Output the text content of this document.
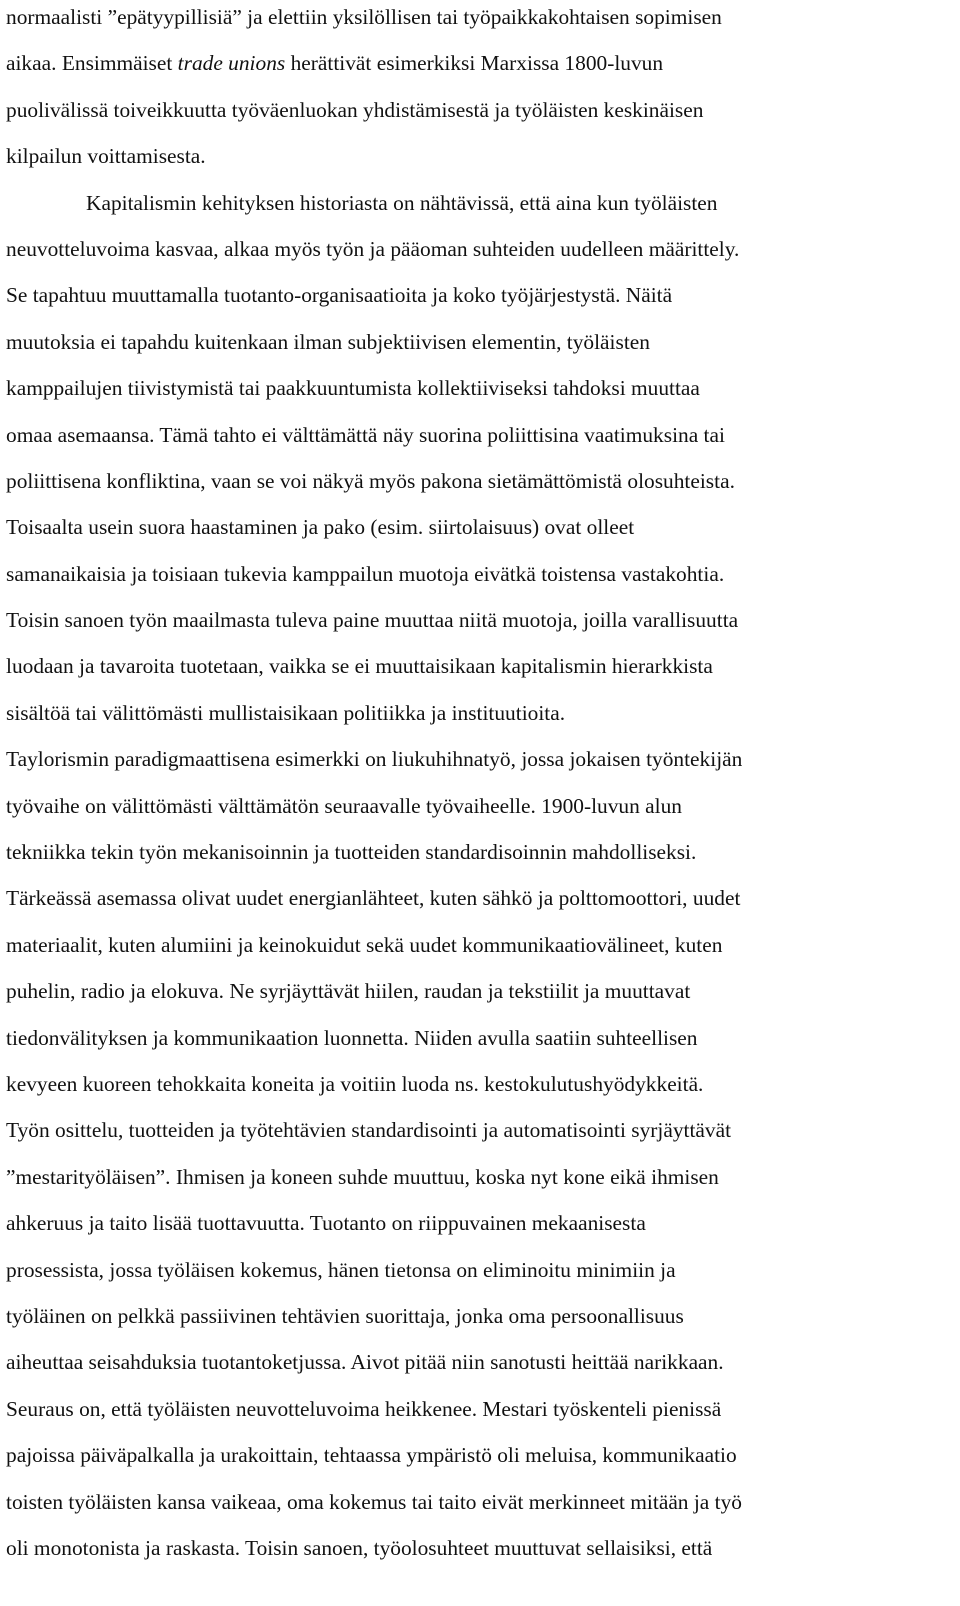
normaalisti ”epätyypillisiä” ja elettiin yksilöllisen tai työpaikkakohtaisen sopimisen
aikaa. Ensimmäiset trade unions herättivät esimerkiksi Marxissa 1800-luvun
puolivälissä toiveikkuutta työväenluokan yhdistämisestä ja työläisten keskinäisen
kilpailun voittamisesta.
Kapitalismin kehityksen historiasta on nähtävissä, että aina kun työläisten
neuvotteluvoima kasvaa, alkaa myös työn ja pääoman suhteiden uudelleen määrittely.
Se tapahtuu muuttamalla tuotanto-organisaatioita ja koko työjärjestystä. Näitä
muutoksia ei tapahdu kuitenkaan ilman subjektiivisen elementin, työläisten
kamppailujen tiivistymistä tai paakkuuntumista kollektiiviseksi tahdoksi muuttaa
omaa asemaansa. Tämä tahto ei välttämättä näy suorina poliittisina vaatimuksina tai
poliittisena konfliktina, vaan se voi näkyä myös pakona sietämättömistä olosuhteista.
Toisaalta usein suora haastaminen ja pako (esim. siirtolaisuus) ovat olleet
samanaikaisia ja toisiaan tukevia kamppailun muotoja eivätkä toistensa vastakohtia.
Toisin sanoen työn maailmasta tuleva paine muuttaa niitä muotoja, joilla varallisuutta
luodaan ja tavaroita tuotetaan, vaikka se ei muuttaisikaan kapitalismin hierarkkista
sisältöä tai välittömästi mullistaisikaan politiikka ja instituutioita.
Taylorismin paradigmaattisena esimerkki on liukuhihnatyö, jossa jokaisen työntekijän
työvaihe on välittömästi välttämätön seuraavalle työvaiheelle. 1900-luvun alun
tekniikka tekin työn mekanisoinnin ja tuotteiden standardisoinnin mahdolliseksi.
Tärkeässä asemassa olivat uudet energianlähteet, kuten sähkö ja polttomoottori, uudet
materiaalit, kuten alumiini ja keinokuidut sekä uudet kommunikaatiovälineet, kuten
puhelin, radio ja elokuva. Ne syrjäyttävät hiilen, raudan ja tekstiilit ja muuttavat
tiedonvälityksen ja kommunikaation luonnetta. Niiden avulla saatiin suhteellisen
kevyeen kuoreen tehokkaita koneita ja voitiin luoda ns. kestokulutushyödykkeitä.
Työn osittelu, tuotteiden ja työtehtävien standardisointi ja automatisointi syrjäyttävät
”mestarityöläisen”. Ihmisen ja koneen suhde muuttuu, koska nyt kone eikä ihmisen
ahkeruus ja taito lisää tuottavuutta. Tuotanto on riippuvainen mekaanisesta
prosessista, jossa työläisen kokemus, hänen tietonsa on eliminoitu minimiin ja
työläinen on pelkkä passiivinen tehtävien suorittaja, jonka oma persoonallisuus
aiheuttaa seisahduksia tuotantoketjussa. Aivot pitää niin sanotusti heittää narikkaan.
Seuraus on, että työläisten neuvotteluvoima heikkenee. Mestari työskenteli pienissä
pajoissa päiväpalkalla ja urakoittain, tehtaassa ympäristö oli meluisa, kommunikaatio
toisten työläisten kansa vaikeaa, oma kokemus tai taito eivät merkinneet mitään ja työ
oli monotonista ja raskasta. Toisin sanoen, työolosuhteet muuttuvat sellaisiksi, että
